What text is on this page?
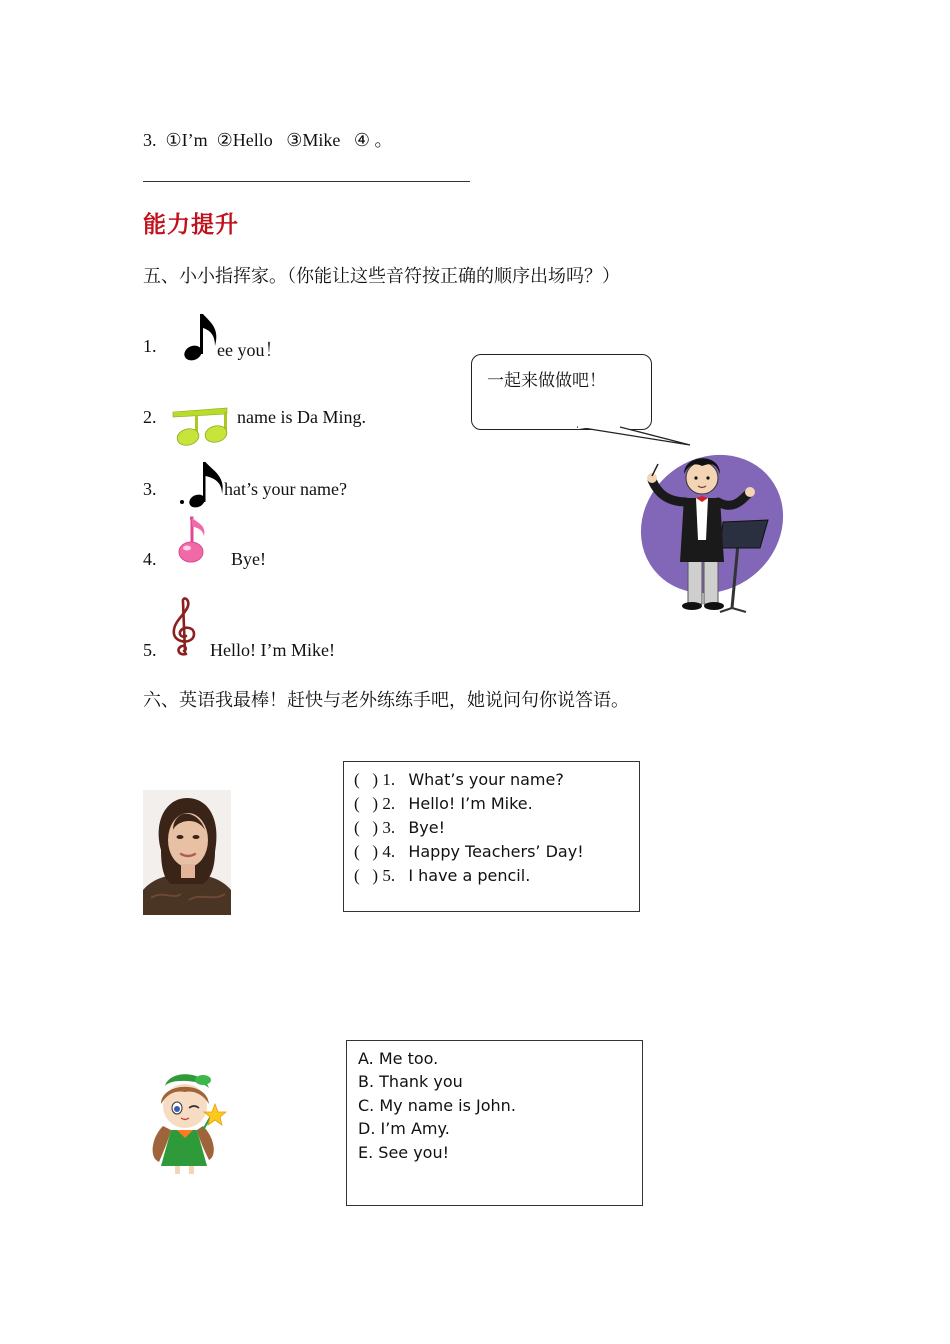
3.  ①I’m  ②Hello   ③Mike   ④ 。
能力提升
五、小小指挥家。（你能让这些音符按正确的顺序出场吗？）
1.	ee you！
2.	name is Da Ming.
3.	hat’s your name?
4.	Bye!
5.	Hello! I’m Mike!
一起来做做吧！
六、英语我最棒！赶快与老外练练手吧，她说问句你说答语。
(   ) 1. What’s your name?
(   ) 2. Hello! I’m Mike.
(   ) 3. Bye!
(   ) 4. Happy Teachers’ Day!
(   ) 5. I have a pencil.
A. Me too.
B. Thank you
C. My name is John.
D. I’m Amy.
E. See you!
